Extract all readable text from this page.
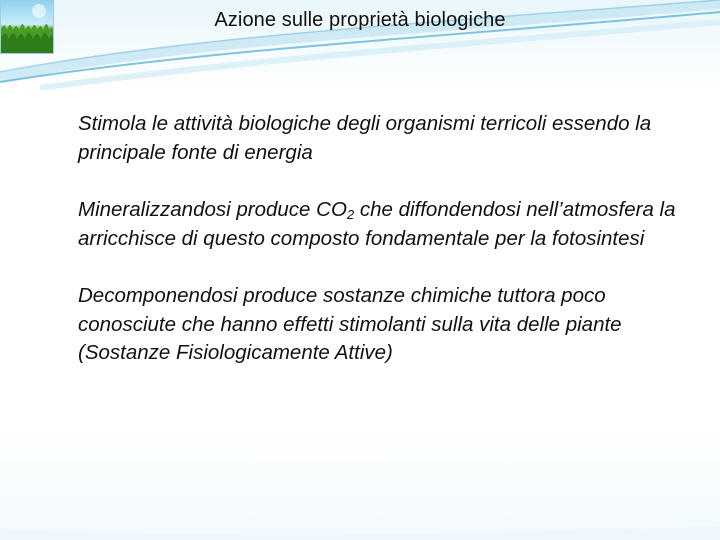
Azione sulle proprietà biologiche

Stimola le attività biologiche degli organismi terricoli essendo la principale fonte di energia

Mineralizzandosi produce $CO_2$ che diffondendosi nell’atmosfera la arricchisce di questo composto fondamentale per la fotosintesi

Decomponendosi produce sostanze chimiche tuttora poco conosciute che hanno effetti stimolanti sulla vita delle piante (Sostanze Fisiologicamente Attive)
